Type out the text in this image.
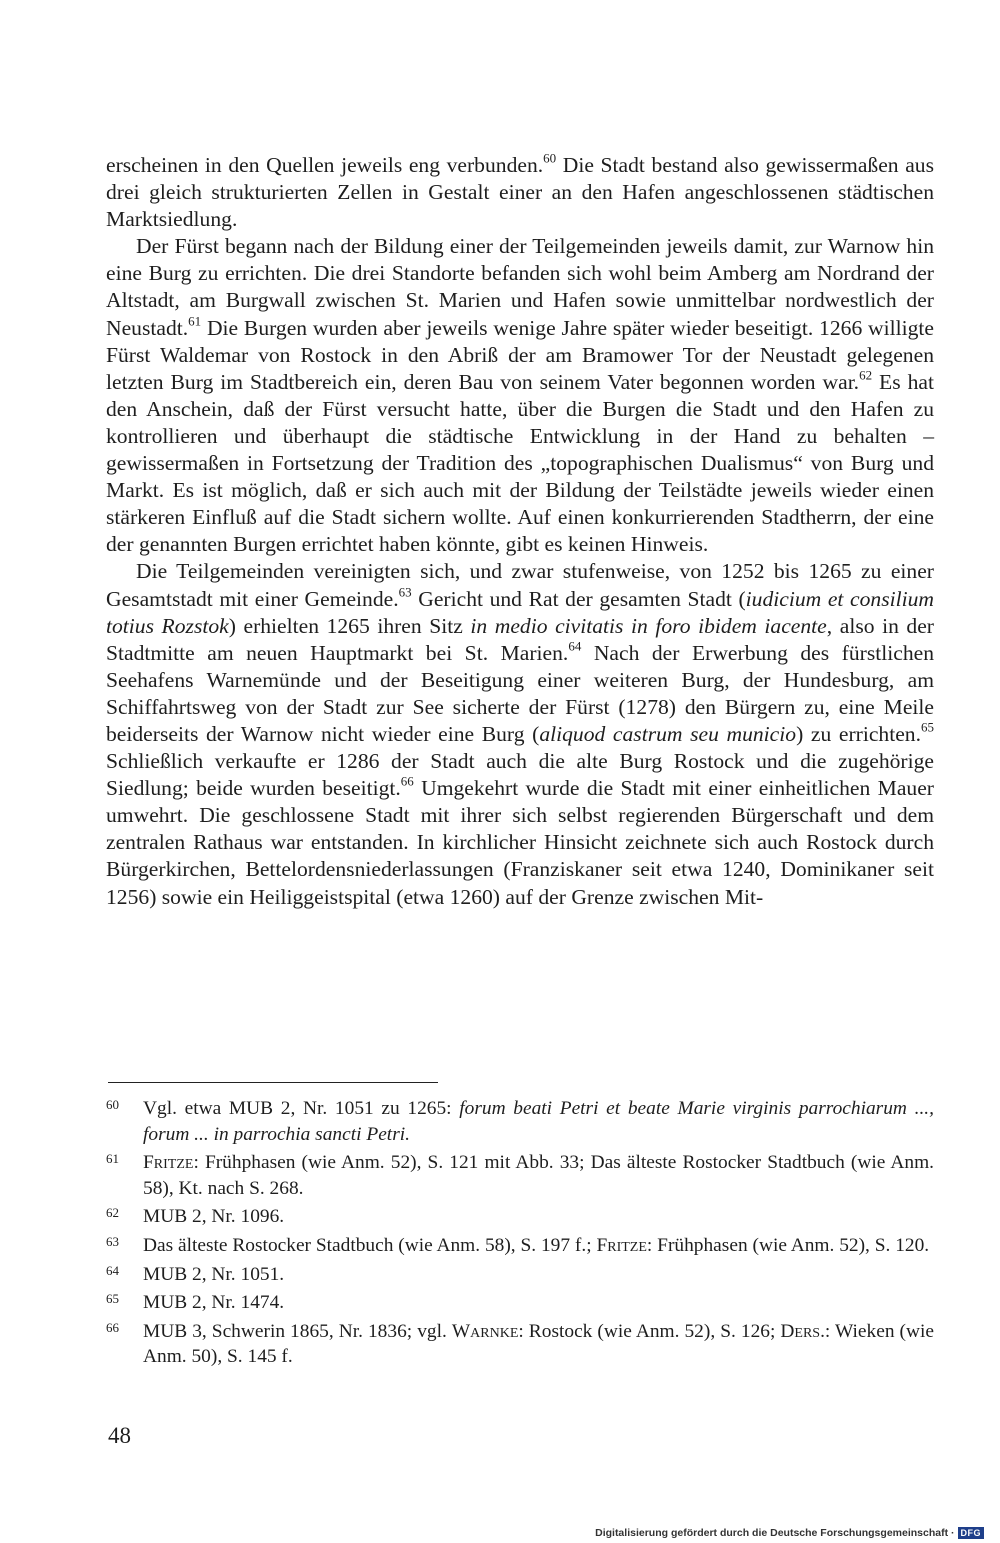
erscheinen in den Quellen jeweils eng verbunden.$^{60}$ Die Stadt bestand also gewissermaßen aus drei gleich strukturierten Zellen in Gestalt einer an den Hafen angeschlossenen städtischen Marktsiedlung.

Der Fürst begann nach der Bildung einer der Teilgemeinden jeweils damit, zur Warnow hin eine Burg zu errichten. Die drei Standorte befanden sich wohl beim Amberg am Nordrand der Altstadt, am Burgwall zwischen St. Marien und Hafen sowie unmittelbar nordwestlich der Neustadt.$^{61}$ Die Burgen wurden aber jeweils wenige Jahre später wieder beseitigt. 1266 willigte Fürst Waldemar von Rostock in den Abriß der am Bramower Tor der Neustadt gelegenen letzten Burg im Stadtbereich ein, deren Bau von seinem Vater begonnen worden war.$^{62}$ Es hat den Anschein, daß der Fürst versucht hatte, über die Burgen die Stadt und den Hafen zu kontrollieren und überhaupt die städtische Entwicklung in der Hand zu behalten – gewissermaßen in Fortsetzung der Tradition des „topographischen Dualismus“ von Burg und Markt. Es ist möglich, daß er sich auch mit der Bildung der Teilstädte jeweils wieder einen stärkeren Einfluß auf die Stadt sichern wollte. Auf einen konkurrierenden Stadtherrn, der eine der genannten Burgen errichtet haben könnte, gibt es keinen Hinweis.

Die Teilgemeinden vereinigten sich, und zwar stufenweise, von 1252 bis 1265 zu einer Gesamtstadt mit einer Gemeinde.$^{63}$ Gericht und Rat der gesamten Stadt (iudicium et consilium totius Rozstok) erhielten 1265 ihren Sitz in medio civitatis in foro ibidem iacente, also in der Stadtmitte am neuen Hauptmarkt bei St. Marien.$^{64}$ Nach der Erwerbung des fürstlichen Seehafens Warnemünde und der Beseitigung einer weiteren Burg, der Hundesburg, am Schiffahrtsweg von der Stadt zur See sicherte der Fürst (1278) den Bürgern zu, eine Meile beiderseits der Warnow nicht wieder eine Burg (aliquod castrum seu municio) zu errichten.$^{65}$ Schließlich verkaufte er 1286 der Stadt auch die alte Burg Rostock und die zugehörige Siedlung; beide wurden beseitigt.$^{66}$ Umgekehrt wurde die Stadt mit einer einheitlichen Mauer umwehrt. Die geschlossene Stadt mit ihrer sich selbst regierenden Bürgerschaft und dem zentralen Rathaus war entstanden. In kirchlicher Hinsicht zeichnete sich auch Rostock durch Bürgerkirchen, Bettelordensniederlassungen (Franziskaner seit etwa 1240, Dominikaner seit 1256) sowie ein Heiliggeistspital (etwa 1260) auf der Grenze zwischen Mit-

60	Vgl. etwa MUB 2, Nr. 1051 zu 1265: forum beati Petri et beate Marie virginis parrochiarum ..., forum ... in parrochia sancti Petri.
61	Fritze: Frühphasen (wie Anm. 52), S. 121 mit Abb. 33; Das älteste Rostocker Stadtbuch (wie Anm. 58), Kt. nach S. 268.
62	MUB 2, Nr. 1096.
63	Das älteste Rostocker Stadtbuch (wie Anm. 58), S. 197 f.; Fritze: Frühphasen (wie Anm. 52), S. 120.
64	MUB 2, Nr. 1051.
65	MUB 2, Nr. 1474.
66	MUB 3, Schwerin 1865, Nr. 1836; vgl. Warnke: Rostock (wie Anm. 52), S. 126; Ders.: Wieken (wie Anm. 50), S. 145 f.
48
Digitalisierung gefördert durch die Deutsche Forschungsgemeinschaft · DFG
